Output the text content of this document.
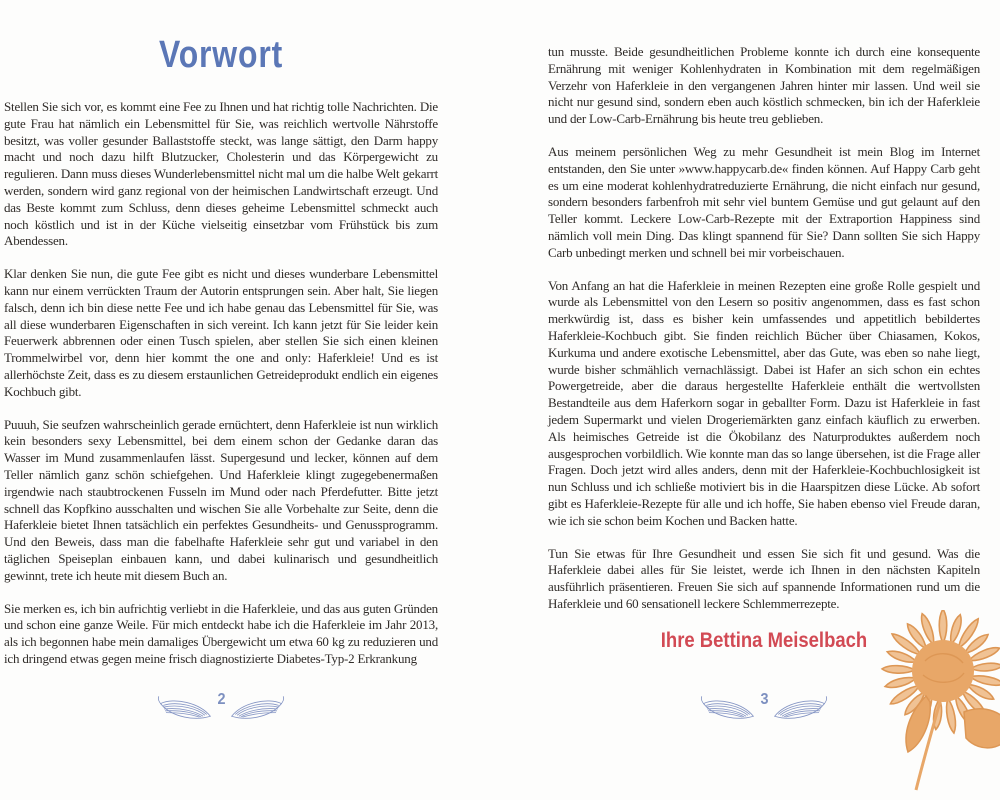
Vorwort

Stellen Sie sich vor, es kommt eine Fee zu Ihnen und hat richtig tolle Nachrichten. Die gute Frau hat nämlich ein Lebensmittel für Sie, was reichlich wertvolle Nährstoffe besitzt, was voller gesunder Ballaststoffe steckt, was lange sättigt, den Darm happy macht und noch dazu hilft Blutzucker, Cholesterin und das Körpergewicht zu regulieren. Dann muss dieses Wunderlebensmittel nicht mal um die halbe Welt gekarrt werden, sondern wird ganz regional von der heimischen Landwirtschaft erzeugt. Und das Beste kommt zum Schluss, denn dieses geheime Lebensmittel schmeckt auch noch köstlich und ist in der Küche vielseitig einsetzbar vom Frühstück bis zum Abendessen.

Klar denken Sie nun, die gute Fee gibt es nicht und dieses wunderbare Lebensmittel kann nur einem verrückten Traum der Autorin entsprungen sein. Aber halt, Sie liegen falsch, denn ich bin diese nette Fee und ich habe genau das Lebensmittel für Sie, was all diese wunderbaren Eigenschaften in sich vereint. Ich kann jetzt für Sie leider kein Feuerwerk abbrennen oder einen Tusch spielen, aber stellen Sie sich einen kleinen Trommelwirbel vor, denn hier kommt the one and only: Haferkleie! Und es ist allerhöchste Zeit, dass es zu diesem erstaunlichen Getreideprodukt endlich ein eigenes Kochbuch gibt.

Puuuh, Sie seufzen wahrscheinlich gerade ernüchtert, denn Haferkleie ist nun wirklich kein besonders sexy Lebensmittel, bei dem einem schon der Gedanke daran das Wasser im Mund zusammenlaufen lässt. Supergesund und lecker, können auf dem Teller nämlich ganz schön schiefgehen. Und Haferkleie klingt zugegebenermaßen irgendwie nach staubtrockenen Fusseln im Mund oder nach Pferdefutter. Bitte jetzt schnell das Kopfkino ausschalten und wischen Sie alle Vorbehalte zur Seite, denn die Haferkleie bietet Ihnen tatsächlich ein perfektes Gesundheits- und Genussprogramm. Und den Beweis, dass man die fabelhafte Haferkleie sehr gut und variabel in den täglichen Speiseplan einbauen kann, und dabei kulinarisch und gesundheitlich gewinnt, trete ich heute mit diesem Buch an.

Sie merken es, ich bin aufrichtig verliebt in die Haferkleie, und das aus guten Gründen und schon eine ganze Weile. Für mich entdeckt habe ich die Haferkleie im Jahr 2013, als ich begonnen habe mein damaliges Übergewicht um etwa 60 kg zu reduzieren und ich dringend etwas gegen meine frisch diagnostizierte Diabetes-Typ-2 Erkrankung

tun musste. Beide gesundheitlichen Probleme konnte ich durch eine konsequente Ernährung mit weniger Kohlenhydraten in Kombination mit dem regelmäßigen Verzehr von Haferkleie in den vergangenen Jahren hinter mir lassen. Und weil sie nicht nur gesund sind, sondern eben auch köstlich schmecken, bin ich der Haferkleie und der Low-Carb-Ernährung bis heute treu geblieben.

Aus meinem persönlichen Weg zu mehr Gesundheit ist mein Blog im Internet entstanden, den Sie unter »www.happycarb.de« finden können. Auf Happy Carb geht es um eine moderat kohlenhydratreduzierte Ernährung, die nicht einfach nur gesund, sondern besonders farbenfroh mit sehr viel buntem Gemüse und gut gelaunt auf den Teller kommt. Leckere Low-Carb-Rezepte mit der Extraportion Happiness sind nämlich voll mein Ding. Das klingt spannend für Sie? Dann sollten Sie sich Happy Carb unbedingt merken und schnell bei mir vorbeischauen.

Von Anfang an hat die Haferkleie in meinen Rezepten eine große Rolle gespielt und wurde als Lebensmittel von den Lesern so positiv angenommen, dass es fast schon merkwürdig ist, dass es bisher kein umfassendes und appetitlich bebildertes Haferkleie-Kochbuch gibt. Sie finden reichlich Bücher über Chiasamen, Kokos, Kurkuma und andere exotische Lebensmittel, aber das Gute, was eben so nahe liegt, wurde bisher schmählich vernachlässigt. Dabei ist Hafer an sich schon ein echtes Powergetreide, aber die daraus hergestellte Haferkleie enthält die wertvollsten Bestandteile aus dem Haferkorn sogar in geballter Form. Dazu ist Haferkleie in fast jedem Supermarkt und vielen Drogeriemärkten ganz einfach käuflich zu erwerben. Als heimisches Getreide ist die Ökobilanz des Naturproduktes außerdem noch ausgesprochen vorbildlich. Wie konnte man das so lange übersehen, ist die Frage aller Fragen. Doch jetzt wird alles anders, denn mit der Haferkleie-Kochbuchlosigkeit ist nun Schluss und ich schließe motiviert bis in die Haarspitzen diese Lücke. Ab sofort gibt es Haferkleie-Rezepte für alle und ich hoffe, Sie haben ebenso viel Freude daran, wie ich sie schon beim Kochen und Backen hatte.

Tun Sie etwas für Ihre Gesundheit und essen Sie sich fit und gesund. Was die Haferkleie dabei alles für Sie leistet, werde ich Ihnen in den nächsten Kapiteln ausführlich präsentieren. Freuen Sie sich auf spannende Informationen rund um die Haferkleie und 60 sensationell leckere Schlemmerrezepte.

Ihre Bettina Meiselbach
2	3
